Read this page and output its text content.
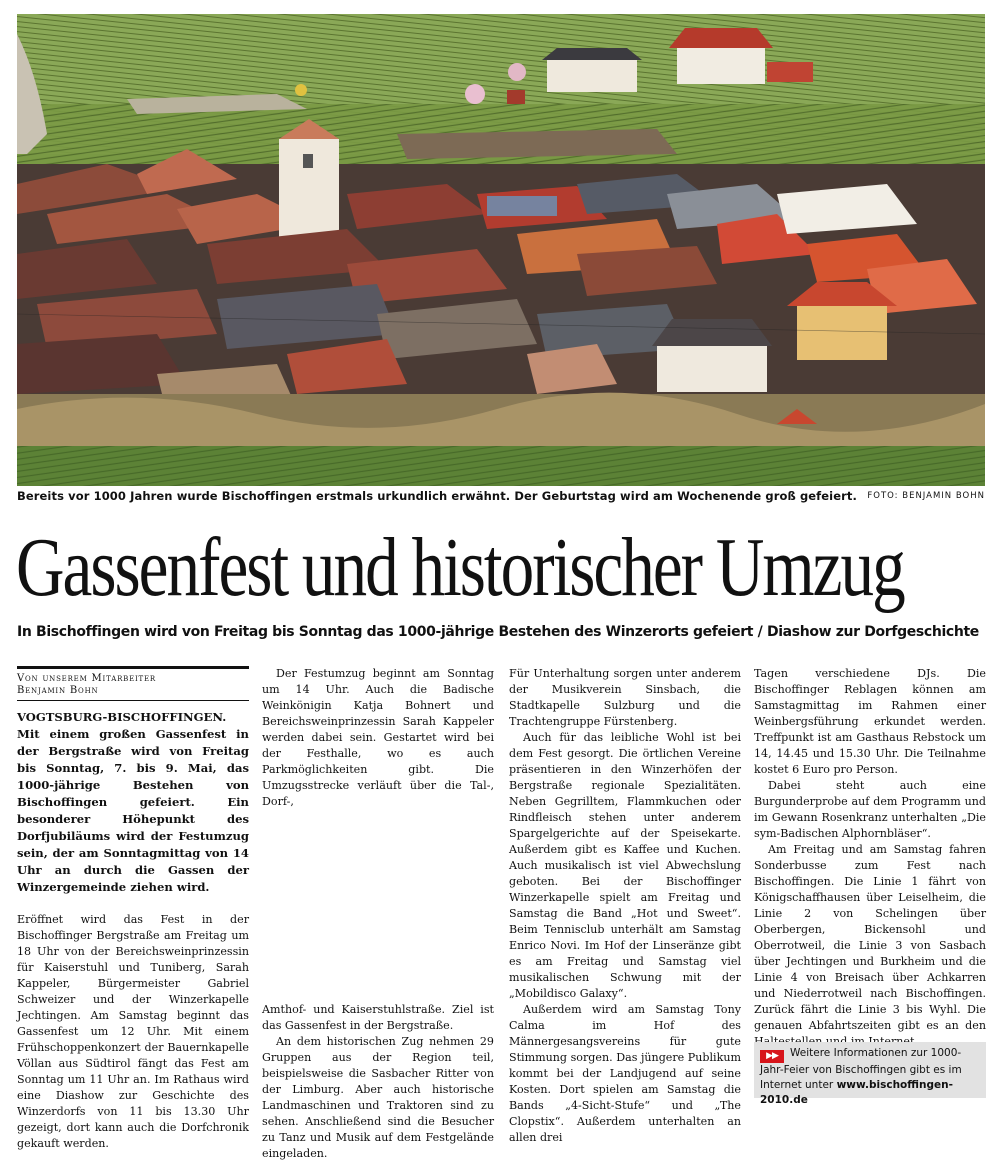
Bereits vor 1000 Jahren wurde Bischoffingen erstmals urkundlich erwähnt. Der Geburtstag wird am Wochenende groß gefeiert. FOTO: BENJAMIN BOHN
Gassenfest und historischer Umzug
In Bischoffingen wird von Freitag bis Sonntag das 1000-jährige Bestehen des Winzerorts gefeiert / Diashow zur Dorfgeschichte
Von unserem Mitarbeiter
Benjamin Bohn

VOGTSBURG-BISCHOFFINGEN. Mit einem großen Gassenfest in der Bergstraße wird von Freitag bis Sonntag, 7. bis 9. Mai, das 1000-jährige Bestehen von Bischoffingen gefeiert. Ein besonderer Höhepunkt des Dorfjubiläums wird der Festumzug sein, der am Sonntagmittag von 14 Uhr an durch die Gassen der Winzergemeinde ziehen wird.

Eröffnet wird das Fest in der Bischoffinger Bergstraße am Freitag um 18 Uhr von der Bereichsweinprinzessin für Kaiserstuhl und Tuniberg, Sarah Kappeler, Bürgermeister Gabriel Schweizer und der Winzerkapelle Jechtingen. Am Samstag beginnt das Gassenfest um 12 Uhr. Mit einem Frühschoppenkonzert der Bauernkapelle Völlan aus Südtirol fängt das Fest am Sonntag um 11 Uhr an. Im Rathaus wird eine Diashow zur Geschichte des Winzerdorfs von 11 bis 13.30 Uhr gezeigt, dort kann auch die Dorfchronik gekauft werden.

Der Festumzug beginnt am Sonntag um 14 Uhr. Auch die Badische Weinkönigin Katja Bohnert und Bereichsweinprinzessin Sarah Kappeler werden dabei sein. Gestartet wird bei der Festhalle, wo es auch Parkmöglichkeiten gibt. Die Umzugsstrecke verläuft über die Tal-, Dorf-,

Amthof- und Kaiserstuhlstraße. Ziel ist das Gassenfest in der Bergstraße.

An dem historischen Zug nehmen 29 Gruppen aus der Region teil, beispielsweise die Sasbacher Ritter von der Limburg. Aber auch historische Landmaschinen und Traktoren sind zu sehen. Anschließend sind die Besucher zu Tanz und Musik auf dem Festgelände eingeladen.

Für Unterhaltung sorgen unter anderem der Musikverein Sinsbach, die Stadtkapelle Sulzburg und die Trachtengruppe Fürstenberg.

Auch für das leibliche Wohl ist bei dem Fest gesorgt. Die örtlichen Vereine präsentieren in den Winzerhöfen der Bergstraße regionale Spezialitäten. Neben Gegrilltem, Flammkuchen oder Rindfleisch stehen unter anderem Spargelgerichte auf der Speisekarte. Außerdem gibt es Kaffee und Kuchen. Auch musikalisch ist viel Abwechslung geboten. Bei der Bischoffinger Winzerkapelle spielt am Freitag und Samstag die Band „Hot und Sweet“. Beim Tennisclub unterhält am Samstag Enrico Novi. Im Hof der Linseränze gibt es am Freitag und Samstag viel musikalischen Schwung mit der „Mobildisco Galaxy“.

Außerdem wird am Samstag Tony Calma im Hof des Männergesangsvereins für gute Stimmung sorgen. Das jüngere Publikum kommt bei der Landjugend auf seine Kosten. Dort spielen am Samstag die Bands „4-Sicht-Stufe“ und „The Clopstix“. Außerdem unterhalten an allen drei

Tagen verschiedene DJs. Die Bischoffinger Reblagen können am Samstagmittag im Rahmen einer Weinbergsführung erkundet werden. Treffpunkt ist am Gasthaus Rebstock um 14, 14.45 und 15.30 Uhr. Die Teilnahme kostet 6 Euro pro Person.

Dabei steht auch eine Burgunderprobe auf dem Programm und im Gewann Rosenkranz unterhalten „Die sym-Badischen Alphornbläser“.

Am Freitag und am Samstag fahren Sonderbusse zum Fest nach Bischoffingen. Die Linie 1 fährt von Königschaffhausen über Leiselheim, die Linie 2 von Schelingen über Oberbergen, Bickensohl und Oberrotweil, die Linie 3 von Sasbach über Jechtingen und Burkheim und die Linie 4 von Breisach über Achkarren und Niederrotweil nach Bischoffingen. Zurück fährt die Linie 3 bis Wyhl. Die genauen Abfahrtszeiten gibt es an den

▶▶ Weitere Informationen zur 1000-Jahr-Feier von Bischoffingen gibt es im Internet unter www.bischoffingen-2010.de
